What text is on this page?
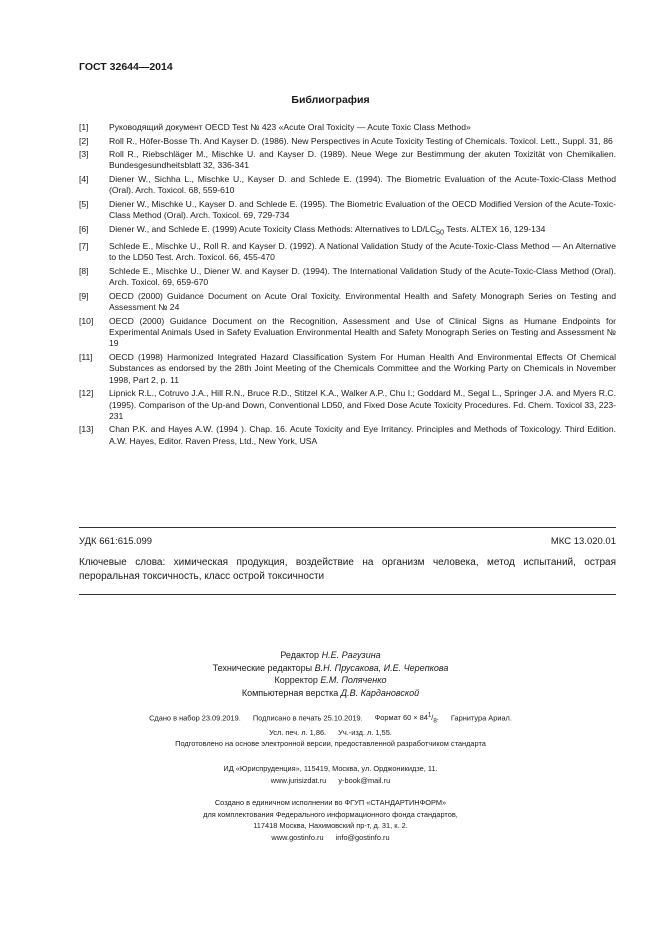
ГОСТ 32644—2014
Библиография
[1]	Руководящий документ OECD Test № 423 «Acute Oral Toxicity — Acute Toxic Class Method»
[2]	Roll R., Höfer-Bosse Th. And Kayser D. (1986). New Perspectives in Acute Toxicity Testing of Chemicals. Toxicol. Lett., Suppl. 31, 86
[3]	Roll R., Riebschläger M., Mischke U. and Kayser D. (1989). Neue Wege zur Bestimmung der akuten Toxizität von Chemikalien. Bundesgesundheitsblatt 32, 336-341
[4]	Diener W., Sichha L., Mischke U., Kayser D. and Schlede E. (1994). The Biometric Evaluation of the Acute-Toxic-Class Method (Oral). Arch. Toxicol. 68, 559-610
[5]	Diener W., Mischke U., Kayser D. and Schlede E. (1995). The Biometric Evaluation of the OECD Modified Version of the Acute-Toxic-Class Method (Oral). Arch. Toxicol. 69, 729-734
[6]	Diener W., and Schlede E. (1999) Acute Toxicity Class Methods: Alternatives to $LD/LC_{50}$ Tests. ALTEX 16, 129-134
[7]	Schlede E., Mischke U., Roll R. and Kayser D. (1992). A National Validation Study of the Acute-Toxic-Class Method — An Alternative to the LD50 Test. Arch. Toxicol. 66, 455-470
[8]	Schlede E., Mischke U., Diener W. and Kayser D. (1994). The International Validation Study of the Acute-Toxic-Class Method (Oral). Arch. Toxicol. 69, 659-670
[9]	OECD (2000) Guidance Document on Acute Oral Toxicity. Environmental Health and Safety Monograph Series on Testing and Assessment № 24
[10]	OECD (2000) Guidance Document on the Recognition, Assessment and Use of Clinical Signs as Humane Endpoints for Experimental Animals Used in Safety Evaluation Environmental Health and Safety Monograph Series on Testing and Assessment № 19
[11]	OECD (1998) Harmonized Integrated Hazard Classification System For Human Health And Environmental Effects Of Chemical Substances as endorsed by the 28th Joint Meeting of the Chemicals Committee and the Working Party on Chemicals in November 1998, Part 2, p. 11
[12]	Lipnick R.L., Cotruvo J.A., Hill R.N., Bruce R.D., Stitzel K.A., Walker A.P., Chu I.; Goddard M., Segal L., Springer J.A. and Myers R.C. (1995). Comparison of the Up-and Down, Conventional LD50, and Fixed Dose Acute Toxicity Procedures. Fd. Chem. Toxicol 33, 223-231
[13]	Chan P.K. and Hayes A.W. (1994 ). Chap. 16. Acute Toxicity and Eye Irritancy. Principles and Methods of Toxicology. Third Edition. A.W. Hayes, Editor. Raven Press, Ltd., New York, USA
УДК 661:615.099	МКС 13.020.01
Ключевые слова: химическая продукция, воздействие на организм человека, метод испытаний, острая пероральная токсичность, класс острой токсичности
Редактор Н.Е. Рагузина
Технические редакторы В.Н. Прусакова, И.Е. Черепкова
Корректор Е.М. Поляченко
Компьютерная верстка Д.В. Кардановской
Сдано в набор 23.09.2019. Подписано в печать 25.10.2019. Формат $60 \times 84^1/_8$. Гарнитура Ариал.
Усл. печ. л. 1,86. Уч.-изд. л. 1,55.
Подготовлено на основе электронной версии, предоставленной разработчиком стандарта
ИД «Юриспруденция», 115419, Москва, ул. Орджоникидзе, 11.
www.jurisizdat.ru y-book@mail.ru
Создано в единичном исполнении во ФГУП «СТАНДАРТИНФОРМ»
для комплектования Федерального информационного фонда стандартов,
117418 Москва, Нахимовский пр-т, д. 31, к. 2.
www.gostinfo.ru info@gostinfo.ru
